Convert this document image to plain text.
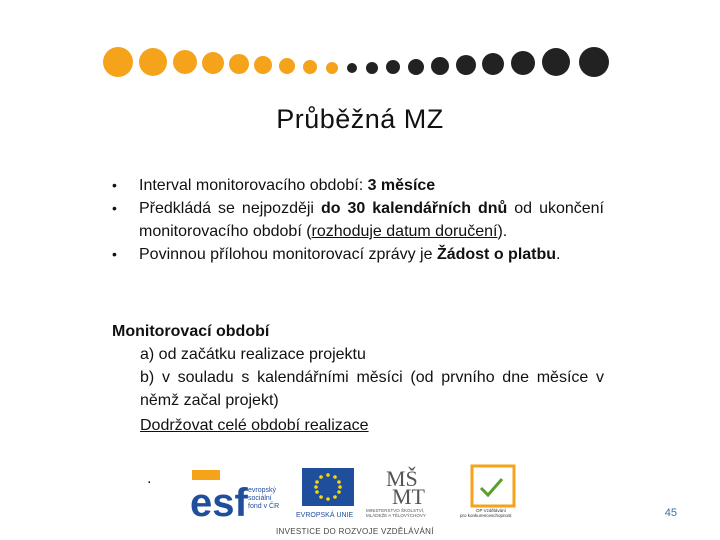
Průběžná MZ
• Interval monitorovacího období: 3 měsíce
• Předkládá se nejpozději do 30 kalendářních dnů od ukončení monitorovacího období (rozhoduje datum doručení).
• Povinnou přílohou monitorovací zprávy je Žádost o platbu.
Monitorovací období
a) od začátku realizace projektu
b) v souladu s kalendářními měsíci (od prvního dne měsíce v němž začal projekt)
Dodržovat celé období realizace
.
esf evropský sociální fond v ČR
EVROPSKÁ UNIE
MŠ
MT
MINISTERSTVO ŠKOLSTVÍ, MLÁDEŽE A TĚLOVÝCHOVY
OP Vzdělávání pro konkurenceschopnost
INVESTICE DO ROZVOJE VZDĚLÁVÁNÍ
45
